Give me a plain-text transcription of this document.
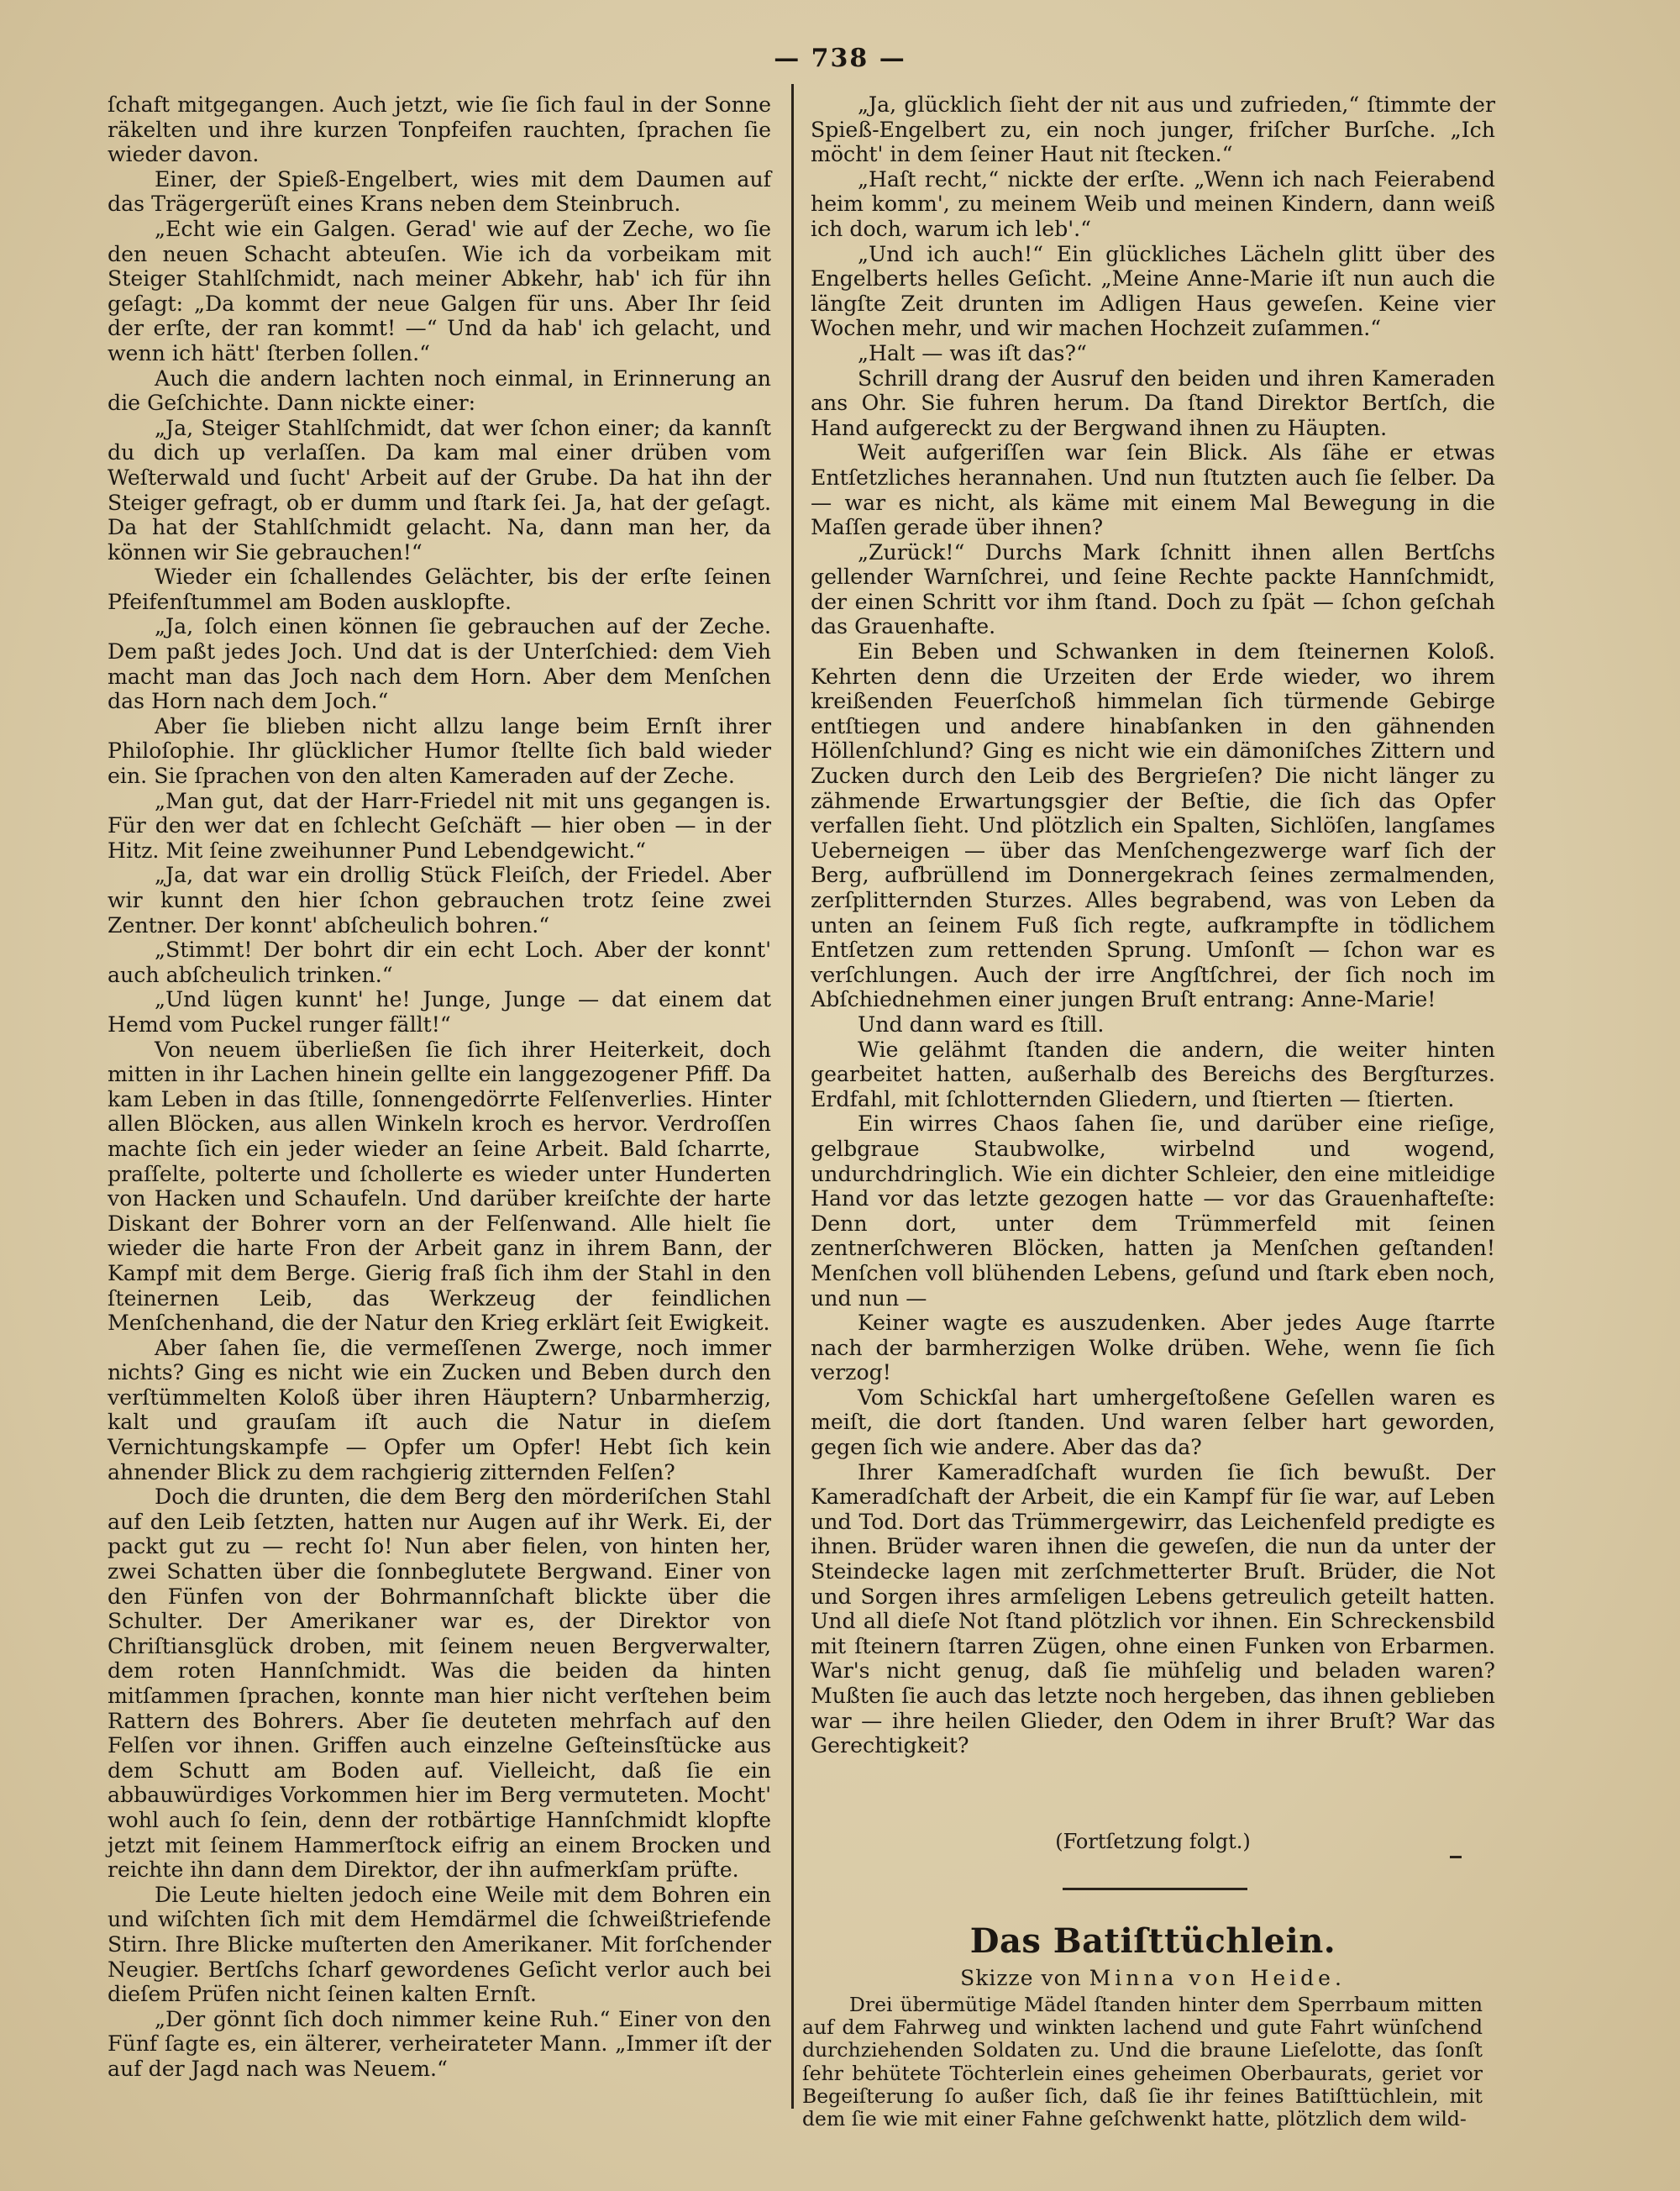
— 738 —

ſchaft mitgegangen. Auch jetzt, wie ſie ſich faul in der Sonne räkelten und ihre kurzen Tonpfeifen rauchten, ſprachen ſie wieder davon.

Einer, der Spieß-Engelbert, wies mit dem Daumen auf das Trägergerüſt eines Krans neben dem Steinbruch.

„Echt wie ein Galgen. Gerad' wie auf der Zeche, wo ſie den neuen Schacht abteuſen. Wie ich da vorbeikam mit Steiger Stahlſchmidt, nach meiner Abkehr, hab' ich für ihn geſagt: „Da kommt der neue Galgen für uns. Aber Ihr ſeid der erſte, der ran kommt! —“ Und da hab' ich gelacht, und wenn ich hätt' ſterben ſollen.“

Auch die andern lachten noch einmal, in Erinnerung an die Geſchichte. Dann nickte einer:

„Ja, Steiger Stahlſchmidt, dat wer ſchon einer; da kannſt du dich up verlaſſen. Da kam mal einer drüben vom Weſterwald und ſucht' Arbeit auf der Grube. Da hat ihn der Steiger gefragt, ob er dumm und ſtark ſei. Ja, hat der geſagt. Da hat der Stahlſchmidt gelacht. Na, dann man her, da können wir Sie gebrauchen!“

Wieder ein ſchallendes Gelächter, bis der erſte ſeinen Pfeifenſtummel am Boden ausklopfte.

„Ja, ſolch einen können ſie gebrauchen auf der Zeche. Dem paßt jedes Joch. Und dat is der Unterſchied: dem Vieh macht man das Joch nach dem Horn. Aber dem Menſchen das Horn nach dem Joch.“

Aber ſie blieben nicht allzu lange beim Ernſt ihrer Philoſophie. Ihr glücklicher Humor ſtellte ſich bald wieder ein. Sie ſprachen von den alten Kameraden auf der Zeche.

„Man gut, dat der Harr-Friedel nit mit uns gegangen is. Für den wer dat en ſchlecht Geſchäft — hier oben — in der Hitz. Mit ſeine zweihunner Pund Lebendgewicht.“

„Ja, dat war ein drollig Stück Fleiſch, der Friedel. Aber wir kunnt den hier ſchon gebrauchen trotz ſeine zwei Zentner. Der konnt' abſcheulich bohren.“

„Stimmt! Der bohrt dir ein echt Loch. Aber der konnt' auch abſcheulich trinken.“

„Und lügen kunnt' he! Junge, Junge — dat einem dat Hemd vom Puckel runger fällt!“

Von neuem überließen ſie ſich ihrer Heiterkeit, doch mitten in ihr Lachen hinein gellte ein langgezogener Pfiff. Da kam Leben in das ſtille, ſonnengedörrte Felſenverlies. Hinter allen Blöcken, aus allen Winkeln kroch es hervor. Verdroſſen machte ſich ein jeder wieder an ſeine Arbeit. Bald ſcharrte, praſſelte, polterte und ſchollerte es wieder unter Hunderten von Hacken und Schaufeln. Und darüber kreiſchte der harte Diskant der Bohrer vorn an der Felſenwand. Alle hielt ſie wieder die harte Fron der Arbeit ganz in ihrem Bann, der Kampf mit dem Berge. Gierig fraß ſich ihm der Stahl in den ſteinernen Leib, das Werkzeug der feindlichen Menſchenhand, die der Natur den Krieg erklärt ſeit Ewigkeit.

Aber ſahen ſie, die vermeſſenen Zwerge, noch immer nichts? Ging es nicht wie ein Zucken und Beben durch den verſtümmelten Koloß über ihren Häuptern? Unbarmherzig, kalt und grauſam iſt auch die Natur in dieſem Vernichtungskampfe — Opfer um Opfer! Hebt ſich kein ahnender Blick zu dem rachgierig zitternden Felſen?

Doch die drunten, die dem Berg den mörderiſchen Stahl auf den Leib ſetzten, hatten nur Augen auf ihr Werk. Ei, der packt gut zu — recht ſo! Nun aber fielen, von hinten her, zwei Schatten über die ſonnbeglutete Bergwand. Einer von den Fünfen von der Bohrmannſchaft blickte über die Schulter. Der Amerikaner war es, der Direktor von Chriſtiansglück droben, mit ſeinem neuen Bergverwalter, dem roten Hannſchmidt. Was die beiden da hinten mitſammen ſprachen, konnte man hier nicht verſtehen beim Rattern des Bohrers. Aber ſie deuteten mehrfach auf den Felſen vor ihnen. Griffen auch einzelne Geſteinsſtücke aus dem Schutt am Boden auf. Vielleicht, daß ſie ein abbauwürdiges Vorkommen hier im Berg vermuteten. Mocht' wohl auch ſo ſein, denn der rotbärtige Hannſchmidt klopfte jetzt mit ſeinem Hammerſtock eifrig an einem Brocken und reichte ihn dann dem Direktor, der ihn aufmerkſam prüfte.

Die Leute hielten jedoch eine Weile mit dem Bohren ein und wiſchten ſich mit dem Hemdärmel die ſchweißtriefende Stirn. Ihre Blicke muſterten den Amerikaner. Mit forſchender Neugier. Bertſchs ſcharf gewordenes Geſicht verlor auch bei dieſem Prüfen nicht ſeinen kalten Ernſt.

„Der gönnt ſich doch nimmer keine Ruh.“ Einer von den Fünf ſagte es, ein älterer, verheirateter Mann. „Immer iſt der auf der Jagd nach was Neuem.“

„Ja, glücklich ſieht der nit aus und zufrieden,“ ſtimmte der Spieß-Engelbert zu, ein noch junger, friſcher Burſche. „Ich möcht' in dem ſeiner Haut nit ſtecken.“

„Haſt recht,“ nickte der erſte. „Wenn ich nach Feierabend heim komm', zu meinem Weib und meinen Kindern, dann weiß ich doch, warum ich leb'.“

„Und ich auch!“ Ein glückliches Lächeln glitt über des Engelberts helles Geſicht. „Meine Anne-Marie iſt nun auch die längſte Zeit drunten im Adligen Haus geweſen. Keine vier Wochen mehr, und wir machen Hochzeit zuſammen.“

„Halt — was iſt das?“

Schrill drang der Ausruf den beiden und ihren Kameraden ans Ohr. Sie fuhren herum. Da ſtand Direktor Bertſch, die Hand aufgereckt zu der Bergwand ihnen zu Häupten.

Weit aufgeriſſen war ſein Blick. Als ſähe er etwas Entſetzliches herannahen. Und nun ſtutzten auch ſie ſelber. Da — war es nicht, als käme mit einem Mal Bewegung in die Maſſen gerade über ihnen?

„Zurück!“ Durchs Mark ſchnitt ihnen allen Bertſchs gellender Warnſchrei, und ſeine Rechte packte Hannſchmidt, der einen Schritt vor ihm ſtand. Doch zu ſpät — ſchon geſchah das Grauenhafte.

Ein Beben und Schwanken in dem ſteinernen Koloß. Kehrten denn die Urzeiten der Erde wieder, wo ihrem kreißenden Feuerſchoß himmelan ſich türmende Gebirge entſtiegen und andere hinabſanken in den gähnenden Höllenſchlund? Ging es nicht wie ein dämoniſches Zittern und Zucken durch den Leib des Bergrieſen? Die nicht länger zu zähmende Erwartungsgier der Beſtie, die ſich das Opfer verfallen ſieht. Und plötzlich ein Spalten, Sichlöſen, langſames Ueberneigen — über das Menſchengezwerge warf ſich der Berg, aufbrüllend im Donnergekrach ſeines zermalmenden, zerſplitternden Sturzes. Alles begrabend, was von Leben da unten an ſeinem Fuß ſich regte, aufkrampfte in tödlichem Entſetzen zum rettenden Sprung. Umſonſt — ſchon war es verſchlungen. Auch der irre Angſtſchrei, der ſich noch im Abſchiednehmen einer jungen Bruſt entrang: Anne-Marie!

Und dann ward es ſtill.

Wie gelähmt ſtanden die andern, die weiter hinten gearbeitet hatten, außerhalb des Bereichs des Bergſturzes. Erdfahl, mit ſchlotternden Gliedern, und ſtierten — ſtierten.

Ein wirres Chaos ſahen ſie, und darüber eine rieſige, gelbgraue Staubwolke, wirbelnd und wogend, undurchdringlich. Wie ein dichter Schleier, den eine mitleidige Hand vor das letzte gezogen hatte — vor das Grauenhafteſte: Denn dort, unter dem Trümmerfeld mit ſeinen zentnerſchweren Blöcken, hatten ja Menſchen geſtanden! Menſchen voll blühenden Lebens, geſund und ſtark eben noch, und nun —

Keiner wagte es auszudenken. Aber jedes Auge ſtarrte nach der barmherzigen Wolke drüben. Wehe, wenn ſie ſich verzog!

Vom Schickſal hart umhergeſtoßene Geſellen waren es meiſt, die dort ſtanden. Und waren ſelber hart geworden, gegen ſich wie andere. Aber das da?

Ihrer Kameradſchaft wurden ſie ſich bewußt. Der Kameradſchaft der Arbeit, die ein Kampf für ſie war, auf Leben und Tod. Dort das Trümmergewirr, das Leichenfeld predigte es ihnen. Brüder waren ihnen die geweſen, die nun da unter der Steindecke lagen mit zerſchmetterter Bruſt. Brüder, die Not und Sorgen ihres armſeligen Lebens getreulich geteilt hatten. Und all dieſe Not ſtand plötzlich vor ihnen. Ein Schreckensbild mit ſteinern ſtarren Zügen, ohne einen Funken von Erbarmen. War's nicht genug, daß ſie mühſelig und beladen waren? Mußten ſie auch das letzte noch hergeben, das ihnen geblieben war — ihre heilen Glieder, den Odem in ihrer Bruſt? War das Gerechtigkeit?

(Fortſetzung folgt.)
Das Batiſttüchlein.
Skizze von Minna von Heide.

Drei übermütige Mädel ſtanden hinter dem Sperrbaum mitten auf dem Fahrweg und winkten lachend und gute Fahrt wünſchend durchziehenden Soldaten zu. Und die braune Lieſelotte, das ſonſt ſehr behütete Töchterlein eines geheimen Oberbaurats, geriet vor Begeiſterung ſo außer ſich, daß ſie ihr feines Batiſttüchlein, mit dem ſie wie mit einer Fahne geſchwenkt hatte, plötzlich dem wild-
